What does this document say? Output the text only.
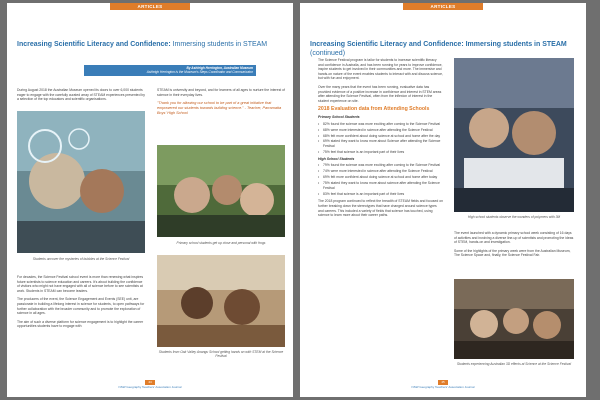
ARTICLES
Increasing Scientific Literacy and Confidence: Immersing students in STEAM
By Ashleigh Herrington, Australian Museum
Ashleigh Herrington is the Museum's Steps Coordinator and Communicator

During August 2018 the Australian Museum opened its doors to over 6,000 students eager to engage with the carefully curated array of STEAM experiences presented by a selection of the top educators and scientific organisations.

Students uncover the mysteries of bubbles at the Science Festival

For decades, the Science Festival school event is more than renewing what inspires future scientists to science education and careers. It's about building the confidence of visitors who might not have engaged with all of science before to see scientists at work. Students in STEAM can become leaders.

The producers of the event, the Science Engagement and Events (SEE) unit, are passionate in building a lifelong interest in science for students, to open pathways for further collaboration with the broader community and to promote the exploration of science in all ages.

The aim of such a diverse platform for science engagement is to highlight the career opportunities students have to engage with

STEAM is university and beyond, and for learners of all ages to nurture the interest of science in their everyday lives.

"Thank you for allowing our school to be part of a great initiative that empowered our students towards building science." - Teacher, Parramatta Boys' High School
Primary school students get up close and personal with frogs
Students from Oak Valley Anangu School getting hands on with STEM at the Science Festival
44
NSW Geography Teachers' Association Journal
ARTICLES
Increasing Scientific Literacy and Confidence: Immersing students in STEAM (continued)

The Science Festival program is tailor for students to increase scientific literacy and confidence in Australia, and has been running for years to improve confidence, inspire students to get involved in their communities and more. The immersive and hands-on nature of the event enables students to interact with and discuss science, but with fun and enjoyment.

Over the many years that the event has been running, evaluative data has provided evidence of a positive increase in confidence and interest in STEM areas after attending the Science Festival, often from the inflexion of interest in the student experience on site.

2018 Evaluation data from Attending Schools
Primary School Students
• 82% found the science was more exciting after coming to the Science Festival
• 68% were more interested in science after attending the Science Festival
• 68% felt more confident about doing science at school and home after the day
• 69% stated they want to know more about Science after attending the Science Festival
• 75% feel that science is an important part of their lives
High School Students
• 79% found the science was more exciting after coming to the Science Festival
• 74% were more interested in science after attending the Science Festival
• 69% felt more confident about doing science at school and home after today
• 75% stated they want to know more about science after attending the Science Festival
• 83% feel that science is an important part of their lives

The 2018 program continued to reflect the breadth of STEAM fields and focused on further breaking down the stereotypes that have changed around science types and careers. This included a variety of fields that science has touched, using science to learn more about their career paths.	High school students observe the wonders of polymers with 3M

The event launched with a dynamic primary school week consisting of 16 days of activities and involving a diverse line-up of scientists and promoting the ideas of STEM, hands-on and investigation.

Some of the highlights of the primary week were from the Australian Museum, The Science Space and, finally, the Science Festival Fair.

Students experiencing Australian 3D effects at Science at the Science Festival
45
NSW Geography Teachers' Association Journal
